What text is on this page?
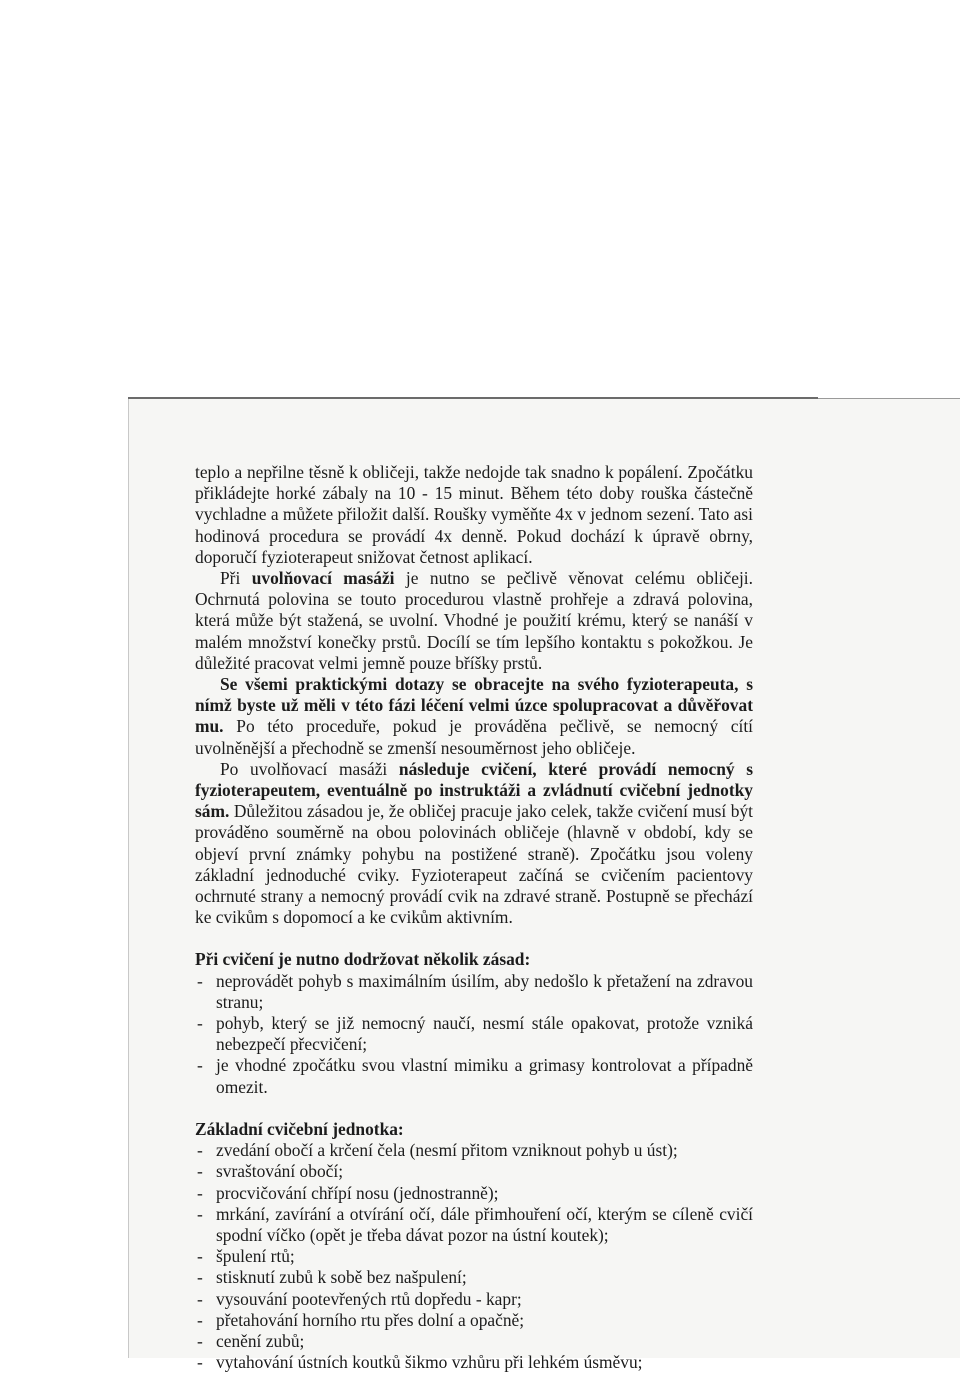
teplo a nepřilne těsně k obličeji, takže nedojde tak snadno k popálení. Zpočátku přikládejte horké zábaly na 10 - 15 minut. Během této doby rouška částečně vychladne a můžete přiložit další. Roušky vyměňte 4x v jednom sezení. Tato asi hodinová procedura se provádí 4x denně. Pokud dochází k úpravě obrny, doporučí fyzioterapeut snižovat četnost aplikací.

Při uvolňovací masáži je nutno se pečlivě věnovat celému obličeji. Ochrnutá polovina se touto procedurou vlastně prohřeje a zdravá polovina, která může být stažená, se uvolní. Vhodné je použití krému, který se nanáší v malém množství konečky prstů. Docílí se tím lepšího kontaktu s pokožkou. Je důležité pracovat velmi jemně pouze bříšky prstů.

Se všemi praktickými dotazy se obracejte na svého fyzioterapeuta, s nímž byste už měli v této fázi léčení velmi úzce spolupracovat a důvěřovat mu. Po této proceduře, pokud je prováděna pečlivě, se nemocný cítí uvolněnější a přechodně se zmenší nesouměrnost jeho obličeje.

Po uvolňovací masáži následuje cvičení, které provádí nemocný s fyzioterapeutem, eventuálně po instruktáži a zvládnutí cvičební jednotky sám. Důležitou zásadou je, že obličej pracuje jako celek, takže cvičení musí být prováděno souměrně na obou polovinách obličeje (hlavně v období, kdy se objeví první známky pohybu na postižené straně). Zpočátku jsou voleny základní jednoduché cviky. Fyzioterapeut začíná se cvičením pacientovy ochrnuté strany a nemocný provádí cvik na zdravé straně. Postupně se přechází ke cvikům s dopomocí a ke cvikům aktivním.

Při cvičení je nutno dodržovat několik zásad:

- neprovádět pohyb s maximálním úsilím, aby nedošlo k přetažení na zdravou stranu;
- pohyb, který se již nemocný naučí, nesmí stále opakovat, protože vzniká nebezpečí přecvičení;
- je vhodné zpočátku svou vlastní mimiku a grimasy kontrolovat a případně omezit.

Základní cvičební jednotka:

- zvedání obočí a krčení čela (nesmí přitom vzniknout pohyb u úst);
- svraštování obočí;
- procvičování chřípí nosu (jednostranně);
- mrkání, zavírání a otvírání očí, dále přimhouření očí, kterým se cíleně cvičí spodní víčko (opět je třeba dávat pozor na ústní koutek);
- špulení rtů;
- stisknutí zubů k sobě bez našpulení;
- vysouvání pootevřených rtů dopředu - kapr;
- přetahování horního rtu přes dolní a opačně;
- cenění zubů;
- vytahování ústních koutků šikmo vzhůru při lehkém úsměvu;
